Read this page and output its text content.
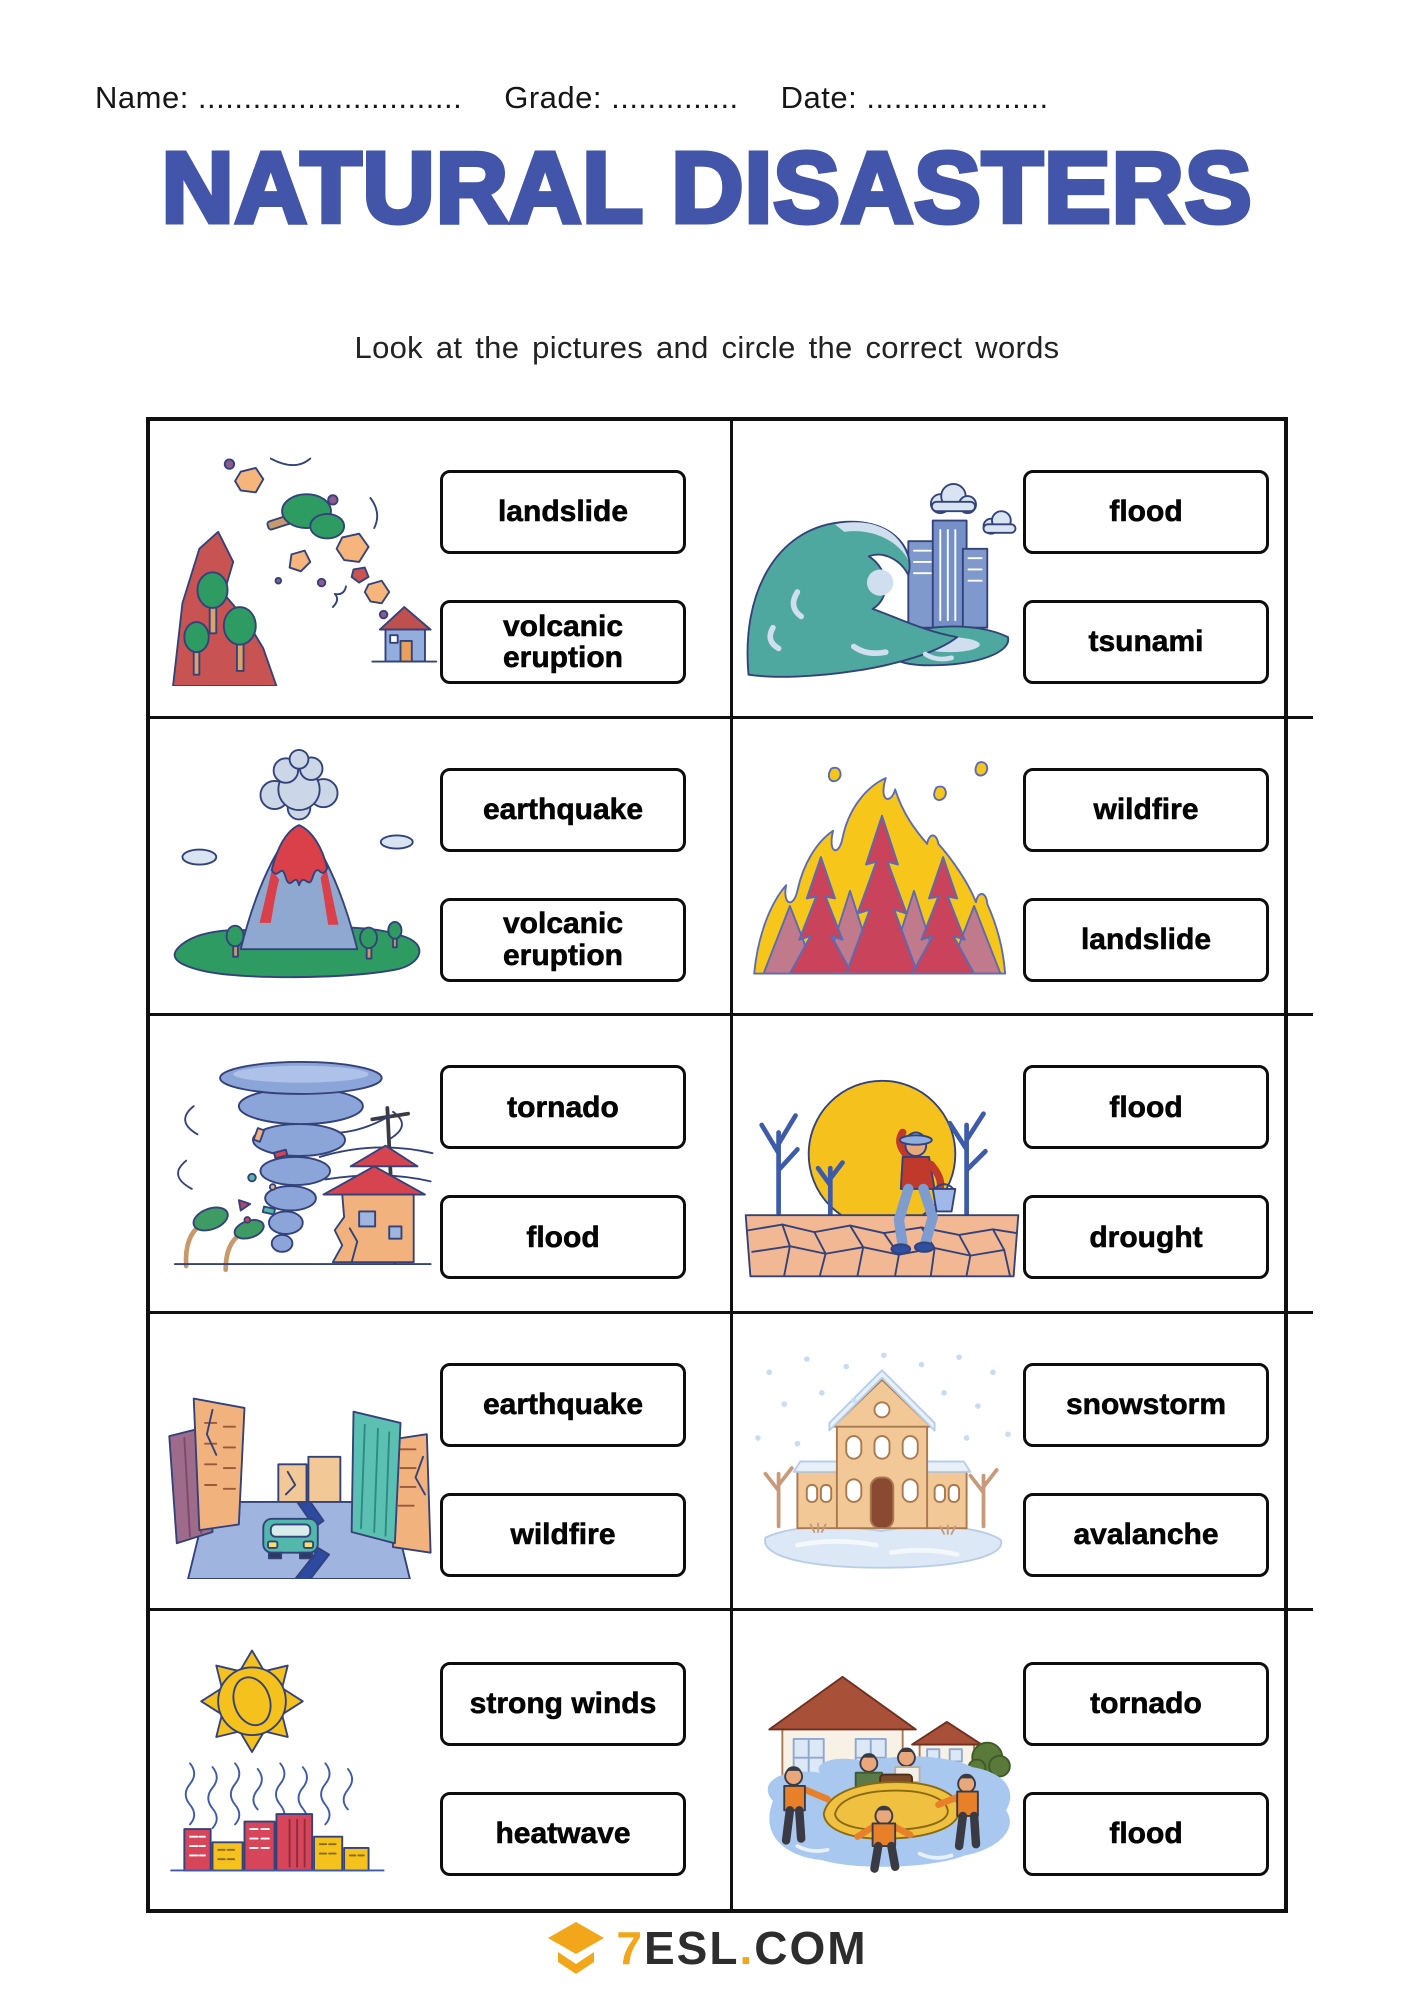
Name: ............................. Grade: .............. Date: ....................
NATURAL DISASTERS
Look at the pictures and circle the correct words
landslide
volcanic eruption
flood
tsunami
earthquake
volcanic eruption
wildfire
landslide
tornado
flood
flood
drought
earthquake
wildfire
snowstorm
avalanche
strong winds
heatwave
tornado
flood
7ESL.COM
